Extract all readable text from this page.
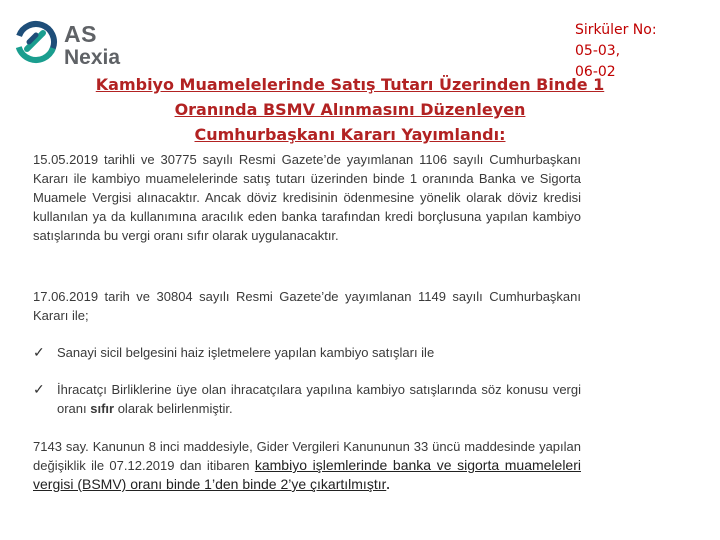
AS
Nexia
Sirküler No:
05-03,
06-02
Kambiyo Muamelelerinde Satış Tutarı Üzerinden Binde 1
Oranında BSMV Alınmasını Düzenleyen
Cumhurbaşkanı Kararı Yayımlandı:
15.05.2019 tarihli ve 30775 sayılı Resmi Gazete’de yayımlanan 1106 sayılı Cumhurbaşkanı Kararı ile kambiyo muamelelerinde satış tutarı üzerinden binde 1 oranında Banka ve Sigorta Muamele Vergisi alınacaktır. Ancak döviz kredisinin ödenmesine yönelik olarak döviz kredisi kullanılan ya da kullanımına aracılık eden banka tarafından kredi borçlusuna yapılan kambiyo satışlarında bu vergi oranı sıfır olarak uygulanacaktır.
17.06.2019 tarih ve 30804 sayılı Resmi Gazete’de yayımlanan 1149 sayılı Cumhurbaşkanı Kararı ile;
✓ Sanayi sicil belgesini haiz işletmelere yapılan kambiyo satışları ile
✓ İhracatçı Birliklerine üye olan ihracatçılara yapılına kambiyo satışlarında söz konusu vergi oranı sıfır olarak belirlenmiştir.
7143 say. Kanunun 8 inci maddesiyle, Gider Vergileri Kanununun 33 üncü maddesinde yapılan değişiklik ile 07.12.2019 dan itibaren kambiyo işlemlerinde banka ve sigorta muameleleri vergisi (BSMV) oranı binde 1’den binde 2’ye çıkartılmıştır.
